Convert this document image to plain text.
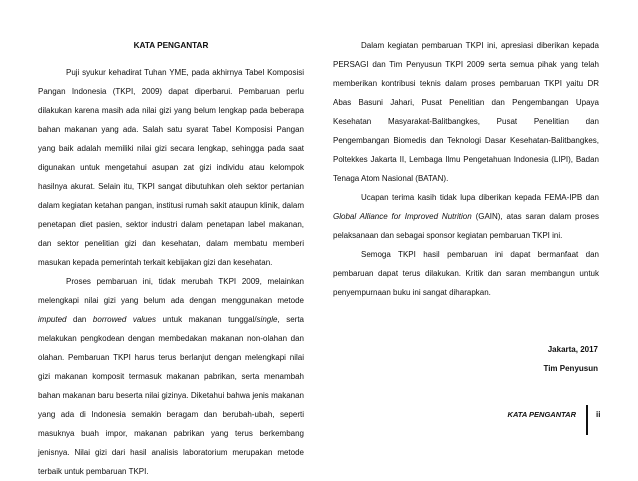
KATA PENGANTAR

Puji syukur kehadirat Tuhan YME, pada akhirnya Tabel Komposisi Pangan Indonesia (TKPI, 2009) dapat diperbarui. Pembaruan perlu dilakukan karena masih ada nilai gizi yang belum lengkap pada beberapa bahan makanan yang ada. Salah satu syarat Tabel Komposisi Pangan yang baik adalah memiliki nilai gizi secara lengkap, sehingga pada saat digunakan untuk mengetahui asupan zat gizi individu atau kelompok hasilnya akurat. Selain itu, TKPI sangat dibutuhkan oleh sektor pertanian dalam kegiatan ketahan pangan, institusi rumah sakit ataupun klinik, dalam penetapan diet pasien, sektor industri dalam penetapan label makanan, dan sektor penelitian gizi dan kesehatan, dalam membatu memberi masukan kepada pemerintah terkait kebijakan gizi dan kesehatan.

Proses pembaruan ini, tidak merubah TKPI 2009, melainkan melengkapi nilai gizi yang belum ada dengan menggunakan metode imputed dan borrowed values untuk makanan tunggal/single, serta melakukan pengkodean dengan membedakan makanan non-olahan dan olahan. Pembaruan TKPI harus terus berlanjut dengan melengkapi nilai gizi makanan komposit termasuk makanan pabrikan, serta menambah bahan makanan baru beserta nilai gizinya. Diketahui bahwa jenis makanan yang ada di Indonesia semakin beragam dan berubah-ubah, seperti masuknya buah impor, makanan pabrikan yang terus berkembang jenisnya. Nilai gizi dari hasil analisis laboratorium merupakan metode terbaik untuk pembaruan TKPI.

Dalam kegiatan pembaruan TKPI ini, apresiasi diberikan kepada PERSAGI dan Tim Penyusun TKPI 2009 serta semua pihak yang telah memberikan kontribusi teknis dalam proses pembaruan TKPI yaitu DR Abas Basuni Jahari, Pusat Penelitian dan Pengembangan Upaya Kesehatan Masyarakat-Balitbangkes, Pusat Penelitian dan Pengembangan Biomedis dan Teknologi Dasar Kesehatan-Balitbangkes, Poltekkes Jakarta II, Lembaga Ilmu Pengetahuan Indonesia (LIPI), Badan Tenaga Atom Nasional (BATAN).

Ucapan terima kasih tidak lupa diberikan kepada FEMA-IPB dan Global Alliance for Improved Nutrition (GAIN), atas saran dalam proses pelaksanaan dan sebagai sponsor kegiatan pembaruan TKPI ini.

Semoga TKPI hasil pembaruan ini dapat bermanfaat dan pembaruan dapat terus dilakukan. Kritik dan saran membangun untuk penyempurnaan buku ini sangat diharapkan.

Jakarta, 2017

Tim Penyusun

KATA PENGANTAR	ii
